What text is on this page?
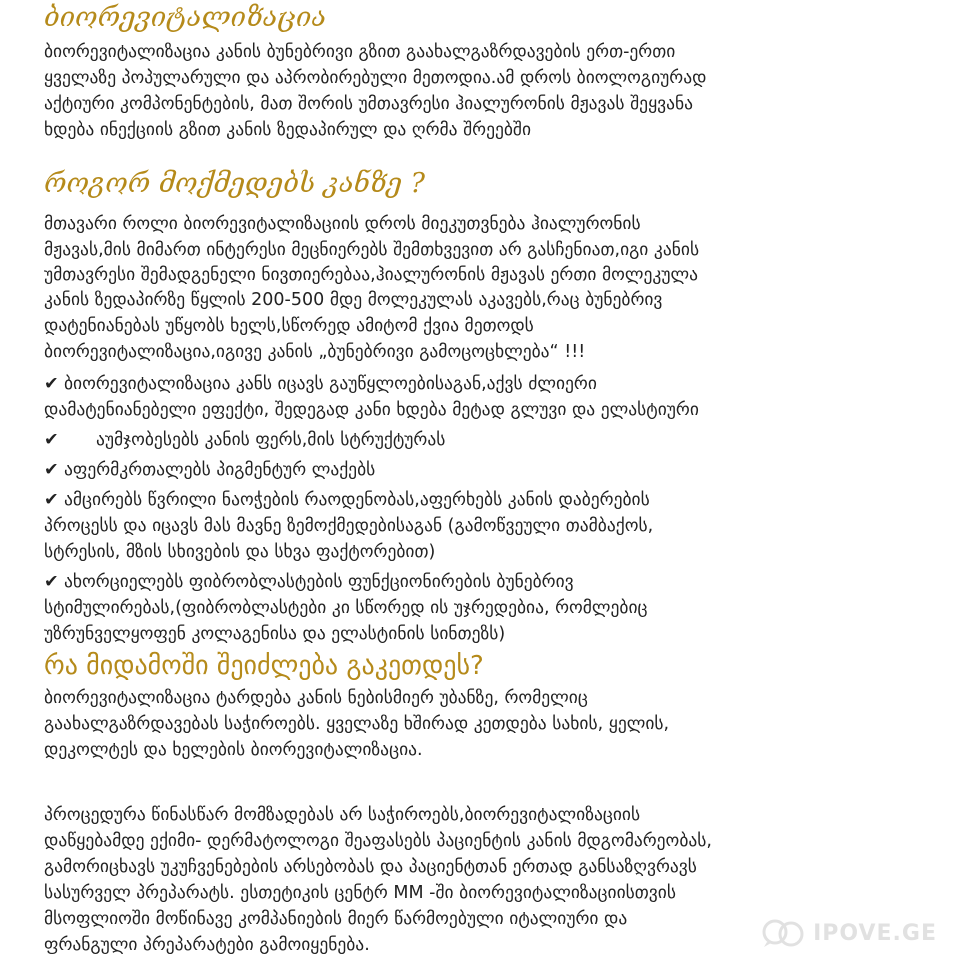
ბიორევიტალიზაცია
ბიორევიტალიზაცია კანის ბუნებრივი გზით გაახალგაზრდავების ერთ-ერთი
ყველაზე პოპულარული და აპრობირებული მეთოდია.ამ დროს ბიოლოგიურად
აქტიური კომპონენტების, მათ შორის უმთავრესი ჰიალურონის მჟავას შეყვანა
ხდება ინექციის გზით კანის ზედაპირულ და ღრმა შრეებში
როგორ მოქმედებს კანზე ?
მთავარი როლი ბიორევიტალიზაციის დროს მიეკუთვნება ჰიალურონის
მჟავას,მის მიმართ ინტერესი მეცნიერებს შემთხვევით არ გასჩენიათ,იგი კანის
უმთავრესი შემადგენელი ნივთიერებაა,ჰიალურონის მჟავას ერთი მოლეკულა
კანის ზედაპირზე წყლის 200-500 მდე მოლეკულას აკავებს,რაც ბუნებრივ
დატენიანებას უწყობს ხელს,სწორედ ამიტომ ქვია მეთოდს
ბიორევიტალიზაცია,იგივე კანის „ბუნებრივი გამოცოცხლება“ !!!
✔ ბიორევიტალიზაცია კანს იცავს გაუწყლოებისაგან,აქვს ძლიერი
დამატენიანებელი ეფექტი, შედეგად კანი ხდება მეტად გლუვი და ელასტიური
✔ აუმჯობესებს კანის ფერს,მის სტრუქტურას
✔ აფერმკრთალებს პიგმენტურ ლაქებს
✔ ამცირებს წვრილი ნაოჭების რაოდენობას,აფერხებს კანის დაბერების
პროცესს და იცავს მას მავნე ზემოქმედებისაგან (გამოწვეული თამბაქოს,
სტრესის, მზის სხივების და სხვა ფაქტორებით)
✔ ახორციელებს ფიბრობლასტების ფუნქციონირების ბუნებრივ
სტიმულირებას,(ფიბრობლასტები კი სწორედ ის უჯრედებია, რომლებიც
უზრუნველყოფენ კოლაგენისა და ელასტინის სინთეზს)
რა მიდამოში შეიძლება გაკეთდეს?
ბიორევიტალიზაცია ტარდება კანის ნებისმიერ უბანზე, რომელიც
გაახალგაზრდავებას საჭიროებს. ყველაზე ხშირად კეთდება სახის, ყელის,
დეკოლტეს და ხელების ბიორევიტალიზაცია.
პროცედურა წინასწარ მომზადებას არ საჭიროებს,ბიორევიტალიზაციის
დაწყებამდე ექიმი- დერმატოლოგი შეაფასებს პაციენტის კანის მდგომარეობას,
გამორიცხავს უკუჩვენებების არსებობას და პაციენტთან ერთად განსაზღვრავს
სასურველ პრეპარატს. ესთეტიკის ცენტრ MM -ში ბიორევიტალიზაციისთვის
მსოფლიოში მოწინავე კომპანიების მიერ წარმოებული იტალიური და
ფრანგული პრეპარატები გამოიყენება.	IPOVE.GE
